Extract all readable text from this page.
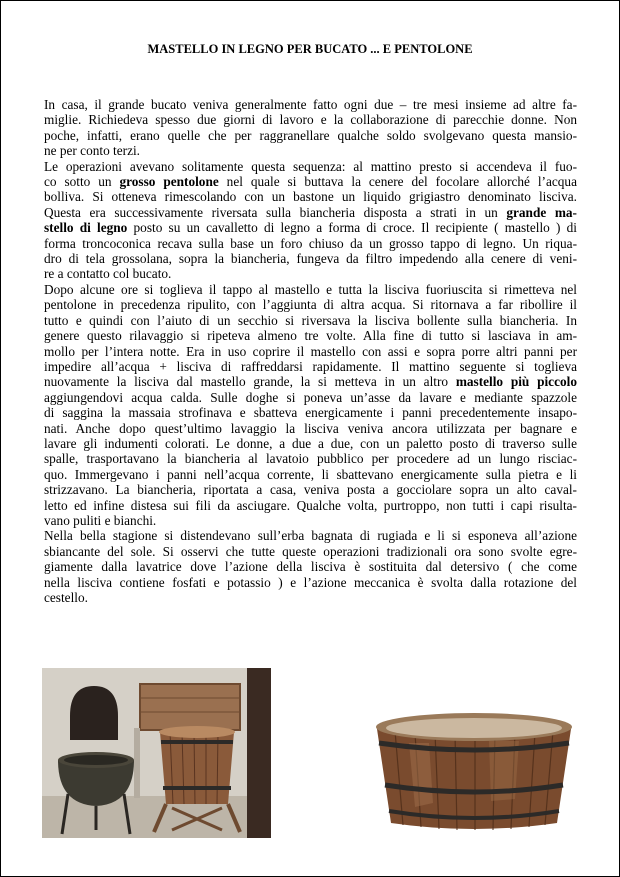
MASTELLO IN LEGNO PER BUCATO ... E PENTOLONE
In casa, il grande bucato veniva generalmente fatto ogni due – tre mesi insieme ad altre fa-
miglie. Richiedeva spesso due giorni di lavoro e la collaborazione di parecchie donne. Non
poche, infatti, erano quelle che per raggranellare qualche soldo svolgevano questa mansio-
ne per conto terzi.
Le operazioni avevano solitamente questa sequenza: al mattino presto si accendeva il fuo-
co sotto un grosso pentolone nel quale si buttava la cenere del focolare allorché l’acqua
bolliva. Si otteneva rimescolando con un bastone un liquido grigiastro denominato lisciva.
Questa era successivamente riversata sulla biancheria disposta a strati in un grande ma-
stello di legno posto su un cavalletto di legno a forma di croce. Il recipiente ( mastello ) di
forma troncoconica recava sulla base un foro chiuso da un grosso tappo di legno. Un riqua-
dro di tela grossolana, sopra la biancheria, fungeva da filtro impedendo alla cenere di veni-
re a contatto col bucato.
Dopo alcune ore si toglieva il tappo al mastello e tutta la lisciva fuoriuscita si rimetteva nel
pentolone in precedenza ripulito, con l’aggiunta di altra acqua. Si ritornava a far ribollire il
tutto e quindi con l’aiuto di un secchio si riversava la lisciva bollente sulla biancheria. In
genere questo rilavaggio si ripeteva almeno tre volte. Alla fine di tutto si lasciava in am-
mollo per l’intera notte. Era in uso coprire il mastello con assi e sopra porre altri panni per
impedire all’acqua + lisciva di raffreddarsi rapidamente. Il mattino seguente si toglieva
nuovamente la lisciva dal mastello grande, la si metteva in un altro mastello più piccolo
aggiungendovi acqua calda. Sulle doghe si poneva un’asse da lavare e mediante spazzole
di saggina la massaia strofinava e sbatteva energicamente i panni precedentemente insapo-
nati. Anche dopo quest’ultimo lavaggio la lisciva veniva ancora utilizzata per bagnare e
lavare gli indumenti colorati. Le donne, a due a due, con un paletto posto di traverso sulle
spalle, trasportavano la biancheria al lavatoio pubblico per procedere ad un lungo risciac-
quo. Immergevano i panni nell’acqua corrente, li sbattevano energicamente sulla pietra e li
strizzavano. La biancheria, riportata a casa, veniva posta a gocciolare sopra un alto caval-
letto ed infine distesa sui fili da asciugare. Qualche volta, purtroppo, non tutti i capi risulta-
vano puliti e bianchi.
Nella bella stagione si distendevano sull’erba bagnata di rugiada e li si esponeva all’azione
sbiancante del sole. Si osservi che tutte queste operazioni tradizionali ora sono svolte egre-
giamente dalla lavatrice dove l’azione della lisciva è sostituita dal detersivo ( che come
nella lisciva contiene fosfati e potassio ) e l’azione meccanica è svolta dalla rotazione del
cestello.
